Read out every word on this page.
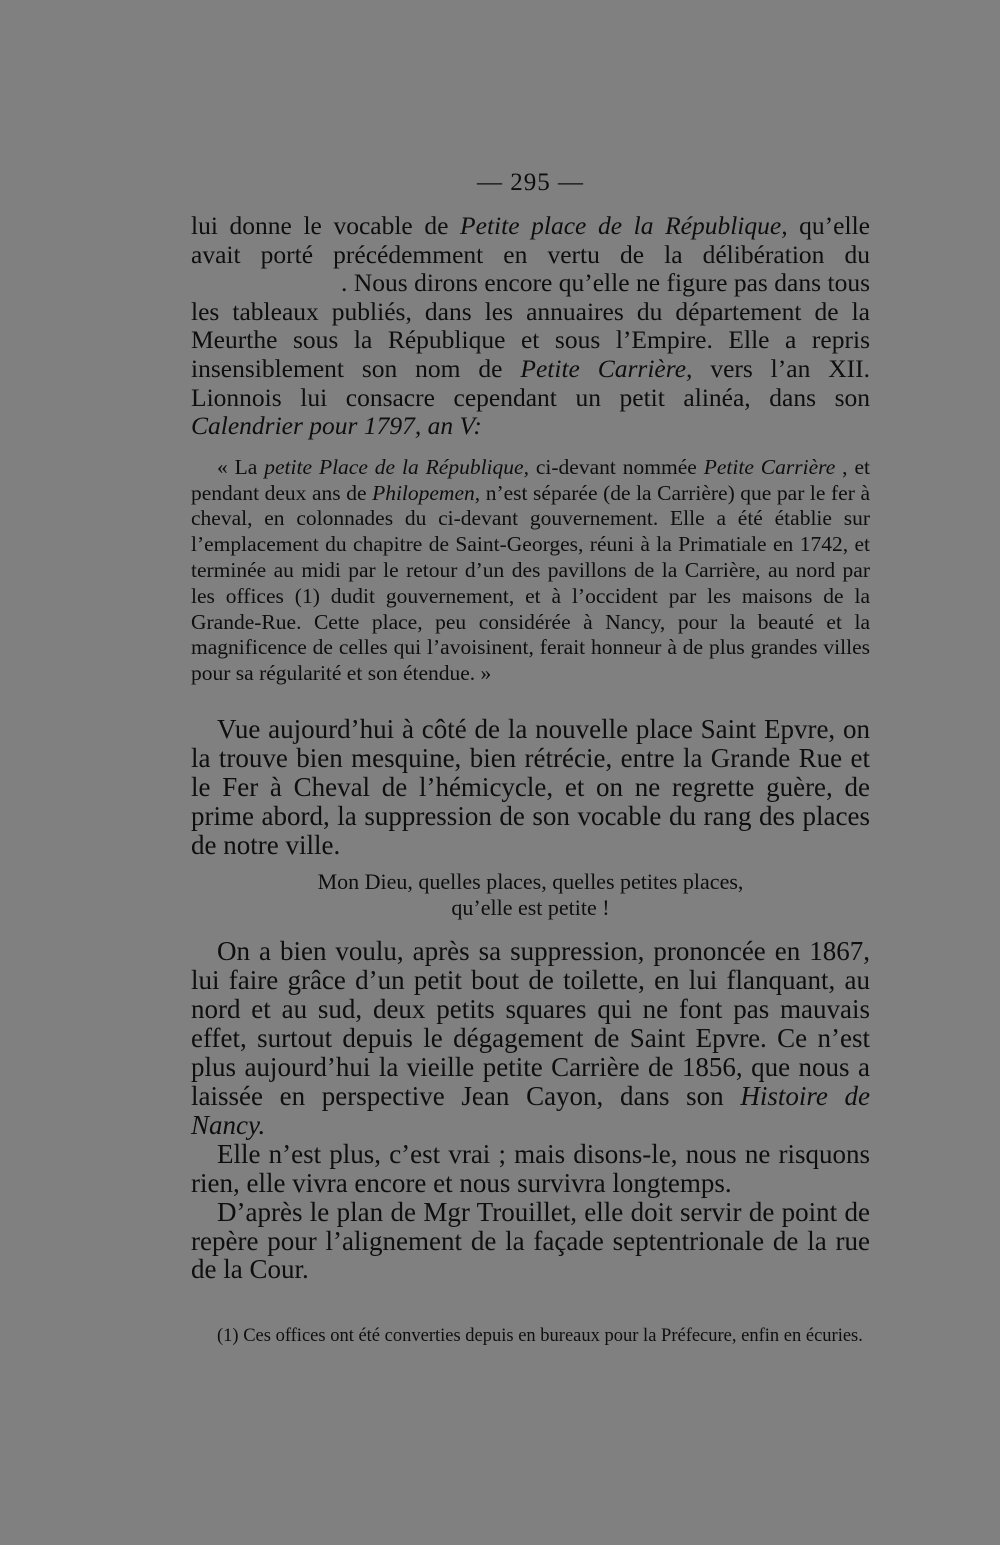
— 295 —

lui donne le vocable de Petite place de la République, qu’elle avait porté précédemment en vertu de la délibération du. Nous dirons encore qu’elle ne figure pas dans tous les tableaux publiés, dans les annuaires du département de la Meurthe sous la République et sous l’Empire. Elle a repris insensiblement son nom de Petite Carrière, vers l’an XII. Lionnois lui consacre cependant un petit alinéa, dans son Calendrier pour 1797, an V:

« La petite Place de la République, ci-devant nommée Petite Carrière , et pendant deux ans de Philopemen, n’est séparée (de la Carrière) que par le fer à cheval, en colonnades du ci-devant gouvernement. Elle a été établie sur l’emplacement du chapitre de Saint-Georges, réuni à la Primatiale en 1742, et terminée au midi par le retour d’un des pavillons de la Carrière, au nord par les offices (1) dudit gouvernement, et à l’occident par les maisons de la Grande-Rue. Cette place, peu considérée à Nancy, pour la beauté et la magnificence de celles qui l’avoisinent, ferait honneur à de plus grandes villes pour sa régularité et son étendue. »

Vue aujourd’hui à côté de la nouvelle place Saint Epvre, on la trouve bien mesquine, bien rétrécie, entre la Grande Rue et le Fer à Cheval de l’hémicycle, et on ne regrette guère, de prime abord, la suppression de son vocable du rang des places de notre ville.

Mon Dieu, quelles places, quelles petites places,
qu’elle est petite !

On a bien voulu, après sa suppression, prononcée en 1867, lui faire grâce d’un petit bout de toilette, en lui flanquant, au nord et au sud, deux petits squares qui ne font pas mauvais effet, surtout depuis le dégagement de Saint Epvre. Ce n’est plus aujourd’hui la vieille petite Carrière de 1856, que nous a laissée en perspective Jean Cayon, dans son Histoire de Nancy.

Elle n’est plus, c’est vrai ; mais disons-le, nous ne risquons rien, elle vivra encore et nous survivra longtemps.

D’après le plan de Mgr Trouillet, elle doit servir de point de repère pour l’alignement de la façade septentrionale de la rue de la Cour.

(1) Ces offices ont été converties depuis en bureaux pour la Préfecure, enfin en écuries.
